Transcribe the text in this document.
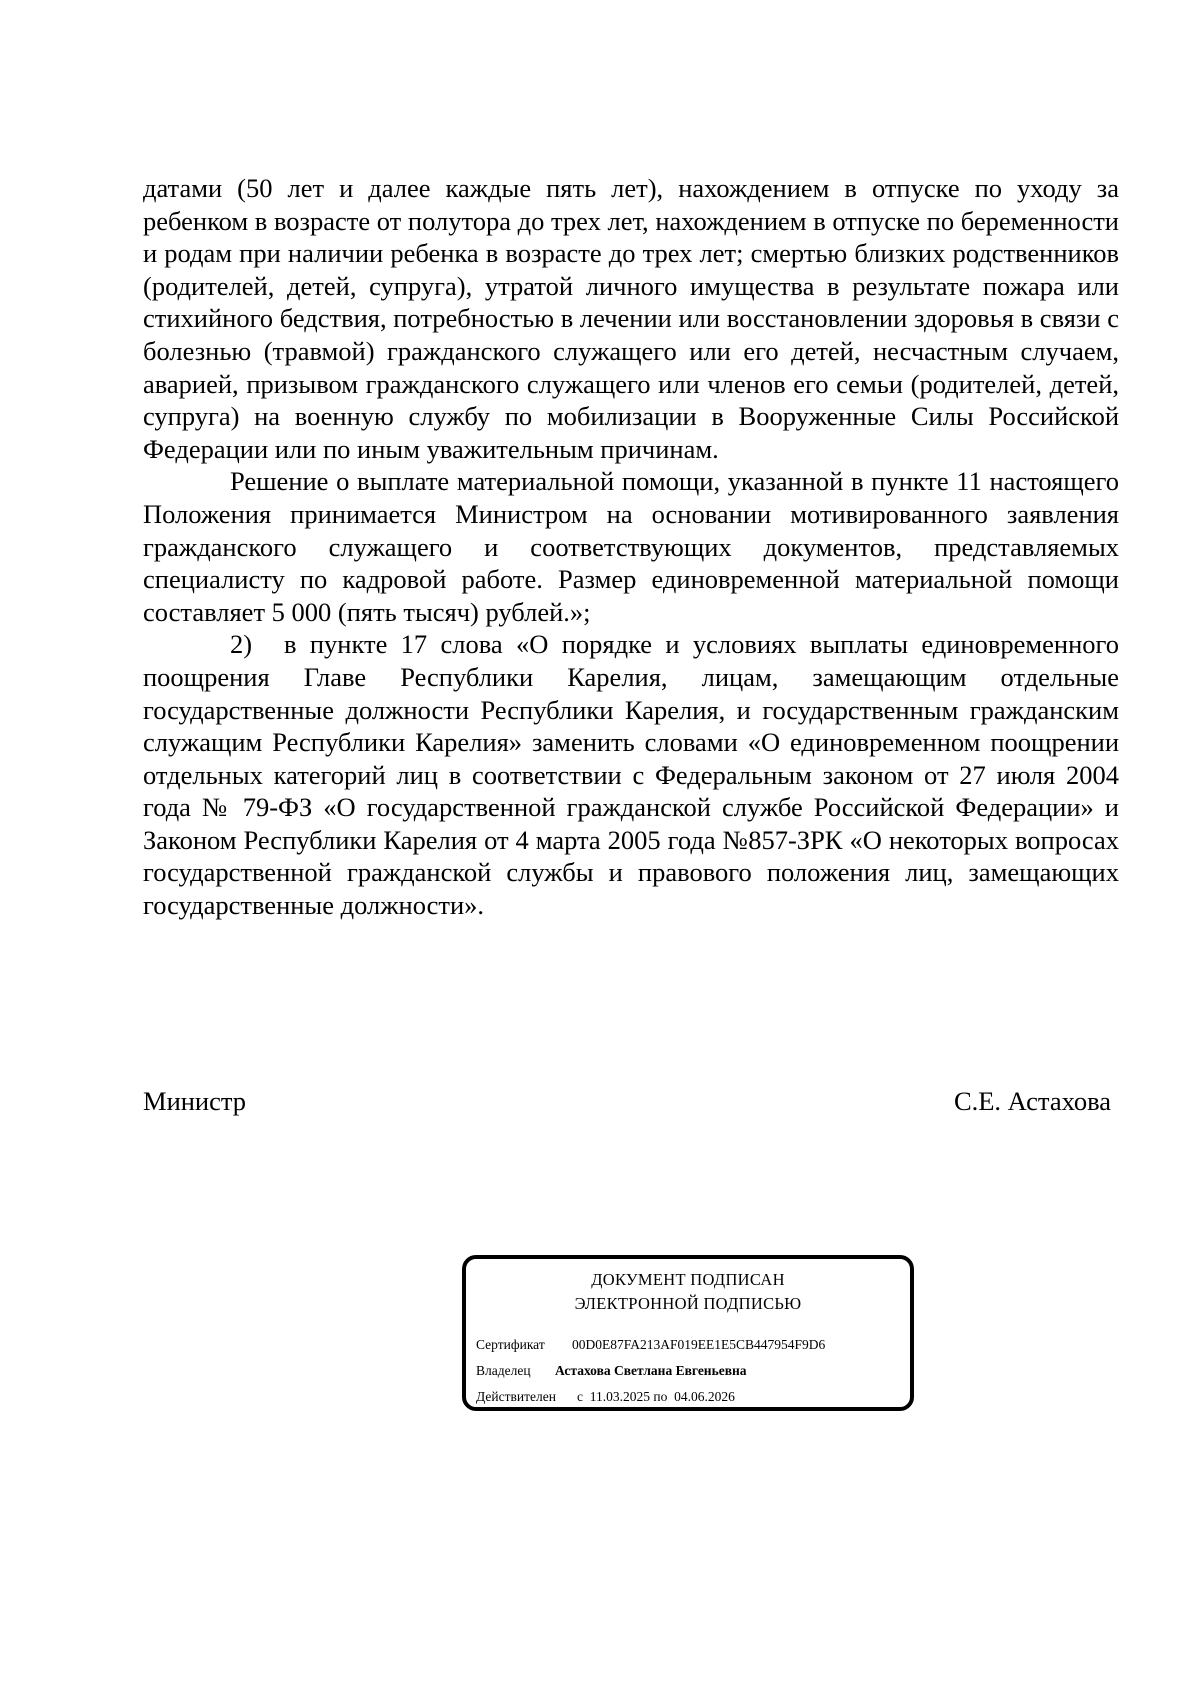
датами (50 лет и далее каждые пять лет), нахождением в отпуске по уходу за ребенком в возрасте от полутора до трех лет, нахождением в отпуске по беременности и родам при наличии ребенка в возрасте до трех лет; смертью близких родственников (родителей, детей, супруга), утратой личного имущества в результате пожара или стихийного бедствия, потребностью в лечении или восстановлении здоровья в связи с болезнью (травмой) гражданского служащего или его детей, несчастным случаем, аварией, призывом гражданского служащего или членов его семьи (родителей, детей, супруга) на военную службу по мобилизации в Вооруженные Силы Российской Федерации или по иным уважительным причинам.

Решение о выплате материальной помощи, указанной в пункте 11 настоящего Положения принимается Министром на основании мотивированного заявления гражданского служащего и соответствующих документов, представляемых специалисту по кадровой работе. Размер единовременной материальной помощи составляет 5 000 (пять тысяч) рублей.»;

2) в пункте 17 слова «О порядке и условиях выплаты единовременного поощрения Главе Республики Карелия, лицам, замещающим отдельные государственные должности Республики Карелия, и государственным гражданским служащим Республики Карелия» заменить словами «О единовременном поощрении отдельных категорий лиц в соответствии с Федеральным законом от 27 июля 2004 года № 79-ФЗ «О государственной гражданской службе Российской Федерации» и Законом Республики Карелия от 4 марта 2005 года №857-ЗРК «О некоторых вопросах государственной гражданской службы и правового положения лиц, замещающих государственные должности».

Министр	С.Е. Астахова
ДОКУМЕНТ ПОДПИСАН
ЭЛЕКТРОННОЙ ПОДПИСЬЮ
Сертификат 00D0E87FA213AF019EE1E5CB447954F9D6
Владелец Астахова Светлана Евгеньевна
Действителен с  11.03.2025 по  04.06.2026
